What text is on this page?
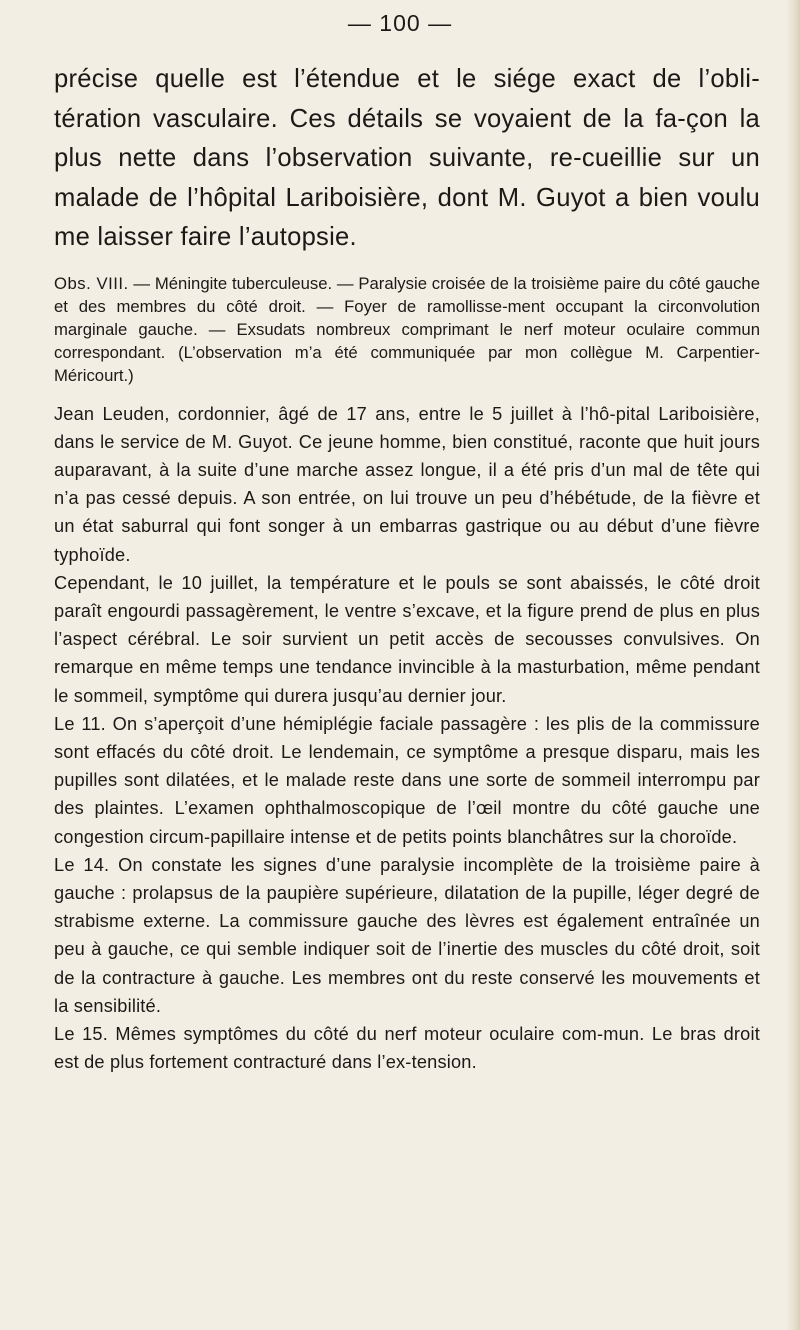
— 100 —

précise quelle est l’étendue et le siége exact de l’obli-tération vasculaire. Ces détails se voyaient de la fa-çon la plus nette dans l’observation suivante, re-cueillie sur un malade de l’hôpital Lariboisière, dont M. Guyot a bien voulu me laisser faire l’autopsie.

Obs. VIII. — Méningite tuberculeuse. — Paralysie croisée de la troisième paire du côté gauche et des membres du côté droit. — Foyer de ramollisse-ment occupant la circonvolution marginale gauche. — Exsudats nombreux comprimant le nerf moteur oculaire commun correspondant. (L’observation m’a été communiquée par mon collègue M. Carpentier-Méricourt.)

Jean Leuden, cordonnier, âgé de 17 ans, entre le 5 juillet à l’hô-pital Lariboisière, dans le service de M. Guyot. Ce jeune homme, bien constitué, raconte que huit jours auparavant, à la suite d’une marche assez longue, il a été pris d’un mal de tête qui n’a pas cessé depuis. A son entrée, on lui trouve un peu d’hébétude, de la fièvre et un état saburral qui font songer à un embarras gastrique ou au début d’une fièvre typhoïde.

Cependant, le 10 juillet, la température et le pouls se sont abaissés, le côté droit paraît engourdi passagèrement, le ventre s’excave, et la figure prend de plus en plus l’aspect cérébral. Le soir survient un petit accès de secousses convulsives. On remarque en même temps une tendance invincible à la masturbation, même pendant le sommeil, symptôme qui durera jusqu’au dernier jour.

Le 11. On s’aperçoit d’une hémiplégie faciale passagère : les plis de la commissure sont effacés du côté droit. Le lendemain, ce symptôme a presque disparu, mais les pupilles sont dilatées, et le malade reste dans une sorte de sommeil interrompu par des plaintes. L’examen ophthalmoscopique de l’œil montre du côté gauche une congestion circum-papillaire intense et de petits points blanchâtres sur la choroïde.

Le 14. On constate les signes d’une paralysie incomplète de la troisième paire à gauche : prolapsus de la paupière supérieure, dilatation de la pupille, léger degré de strabisme externe. La commissure gauche des lèvres est également entraînée un peu à gauche, ce qui semble indiquer soit de l’inertie des muscles du côté droit, soit de la contracture à gauche. Les membres ont du reste conservé les mouvements et la sensibilité.

Le 15. Mêmes symptômes du côté du nerf moteur oculaire com-mun. Le bras droit est de plus fortement contracturé dans l’ex-tension.
